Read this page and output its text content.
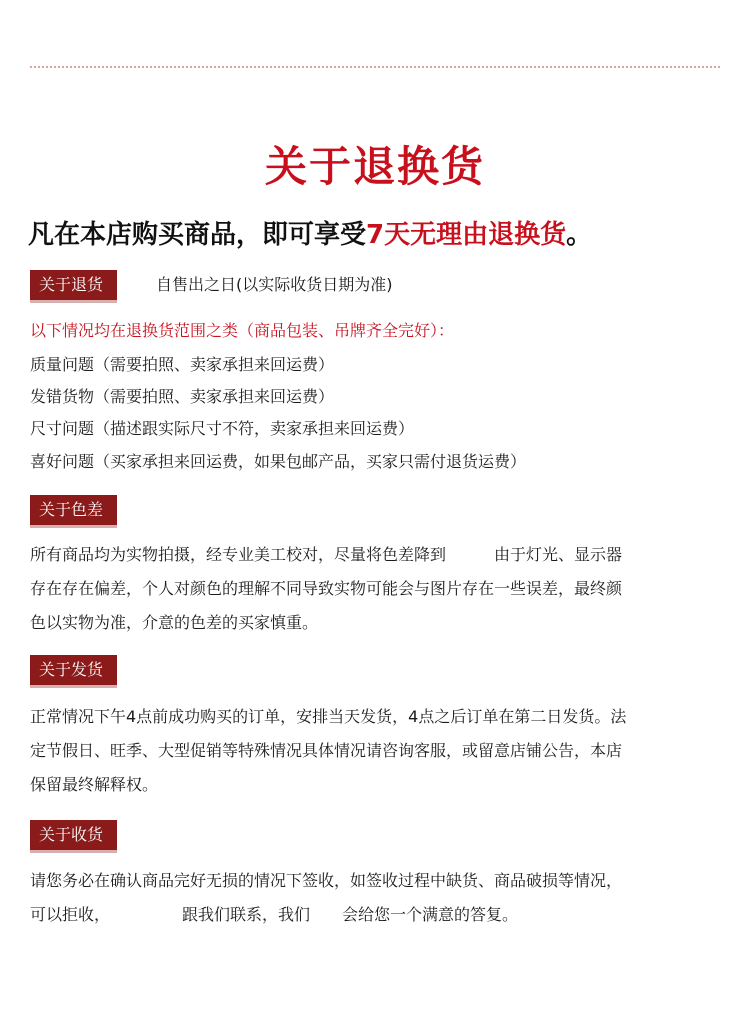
关于退换货
凡在本店购买商品，即可享受7天无理由退换货。
关于退货	自售出之日(以实际收货日期为准)
以下情况均在退换货范围之类（商品包装、吊牌齐全完好）：
质量问题（需要拍照、卖家承担来回运费）
发错货物（需要拍照、卖家承担来回运费）
尺寸问题（描述跟实际尺寸不符，卖家承担来回运费）
喜好问题（买家承担来回运费，如果包邮产品，买家只需付退货运费）
关于色差
所有商品均为实物拍摄，经专业美工校对，尽量将色差降到　　　由于灯光、显示器
存在存在偏差，个人对颜色的理解不同导致实物可能会与图片存在一些误差，最终颜
色以实物为准，介意的色差的买家慎重。
关于发货
正常情况下午4点前成功购买的订单，安排当天发货，4点之后订单在第二日发货。法
定节假日、旺季、大型促销等特殊情况具体情况请咨询客服，或留意店铺公告，本店
保留最终解释权。
关于收货
请您务必在确认商品完好无损的情况下签收，如签收过程中缺货、商品破损等情况，
可以拒收，　　　　　跟我们联系，我们　　会给您一个满意的答复。
